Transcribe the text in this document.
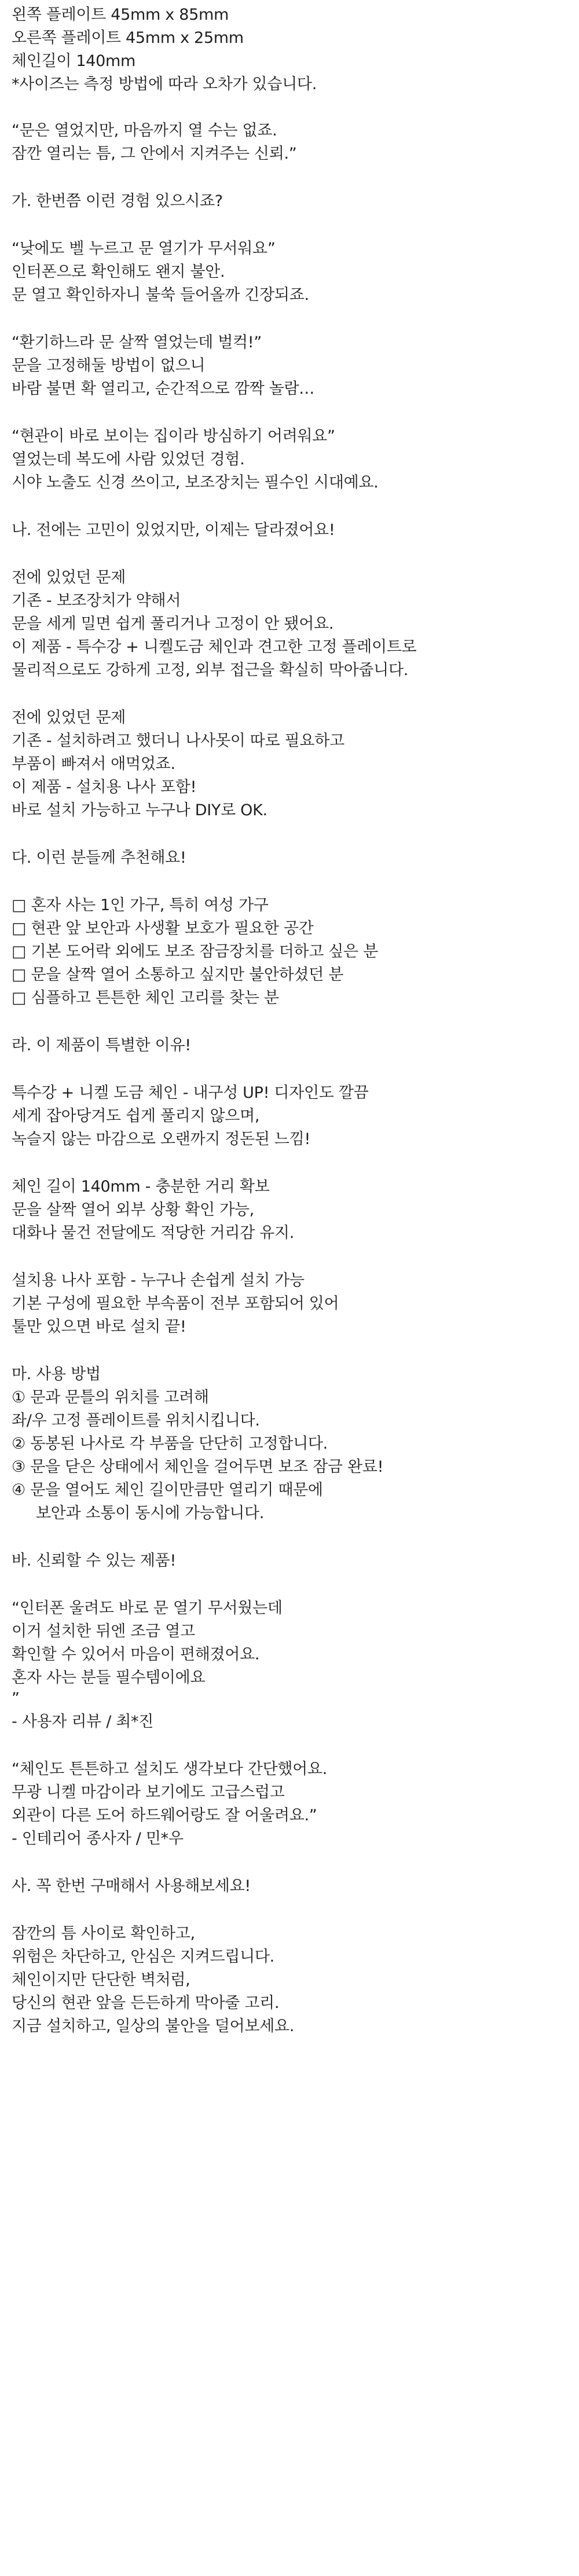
왼쪽 플레이트 45mm x 85mm

오른쪽 플레이트 45mm x 25mm

체인길이 140mm

*사이즈는 측정 방법에 따라 오차가 있습니다.

“문은 열었지만, 마음까지 열 수는 없죠.

잠깐 열리는 틈, 그 안에서 지켜주는 신뢰.”

가. 한번쯤 이런 경험 있으시죠?

“낮에도 벨 누르고 문 열기가 무서워요”

인터폰으로 확인해도 왠지 불안.

문 열고 확인하자니 불쑥 들어올까 긴장되죠.

“환기하느라 문 살짝 열었는데 벌컥!”

문을 고정해둘 방법이 없으니

바람 불면 확 열리고, 순간적으로 깜짝 놀람…

“현관이 바로 보이는 집이라 방심하기 어려워요”

열었는데 복도에 사람 있었던 경험.

시야 노출도 신경 쓰이고, 보조장치는 필수인 시대예요.

나. 전에는 고민이 있었지만, 이제는 달라졌어요!

전에 있었던 문제

기존 - 보조장치가 약해서

문을 세게 밀면 쉽게 풀리거나 고정이 안 됐어요.

이 제품 - 특수강 + 니켈도금 체인과 견고한 고정 플레이트로

물리적으로도 강하게 고정, 외부 접근을 확실히 막아줍니다.

전에 있었던 문제

기존 - 설치하려고 했더니 나사못이 따로 필요하고

부품이 빠져서 애먹었죠.

이 제품 - 설치용 나사 포함!

바로 설치 가능하고 누구나 DIY로 OK.

다. 이런 분들께 추천해요!

□ 혼자 사는 1인 가구, 특히 여성 가구

□ 현관 앞 보안과 사생활 보호가 필요한 공간

□ 기본 도어락 외에도 보조 잠금장치를 더하고 싶은 분

□ 문을 살짝 열어 소통하고 싶지만 불안하셨던 분

□ 심플하고 튼튼한 체인 고리를 찾는 분

라. 이 제품이 특별한 이유!

특수강 + 니켈 도금 체인 - 내구성 UP! 디자인도 깔끔

세게 잡아당겨도 쉽게 풀리지 않으며,

녹슬지 않는 마감으로 오랜까지 정돈된 느낌!

체인 길이 140mm - 충분한 거리 확보

문을 살짝 열어 외부 상황 확인 가능,

대화나 물건 전달에도 적당한 거리감 유지.

설치용 나사 포함 - 누구나 손쉽게 설치 가능

기본 구성에 필요한 부속품이 전부 포함되어 있어

툴만 있으면 바로 설치 끝!

마. 사용 방법

① 문과 문틀의 위치를 고려해

좌/우 고정 플레이트를 위치시킵니다.

② 동봉된 나사로 각 부품을 단단히 고정합니다.

③ 문을 닫은 상태에서 체인을 걸어두면 보조 잠금 완료!

④ 문을 열어도 체인 길이만큼만 열리기 때문에

보안과 소통이 동시에 가능합니다.

바. 신뢰할 수 있는 제품!

“인터폰 울려도 바로 문 열기 무서웠는데

이거 설치한 뒤엔 조금 열고

확인할 수 있어서 마음이 편해졌어요.

혼자 사는 분들 필수템이에요

”

- 사용자 리뷰 / 최*진

“체인도 튼튼하고 설치도 생각보다 간단했어요.

무광 니켈 마감이라 보기에도 고급스럽고

외관이 다른 도어 하드웨어랑도 잘 어울려요.”

- 인테리어 종사자 / 민*우

사. 꼭 한번 구매해서 사용해보세요!

잠깐의 틈 사이로 확인하고,

위험은 차단하고, 안심은 지켜드립니다.

체인이지만 단단한 벽처럼,

당신의 현관 앞을 든든하게 막아줄 고리.

지금 설치하고, 일상의 불안을 덜어보세요.
